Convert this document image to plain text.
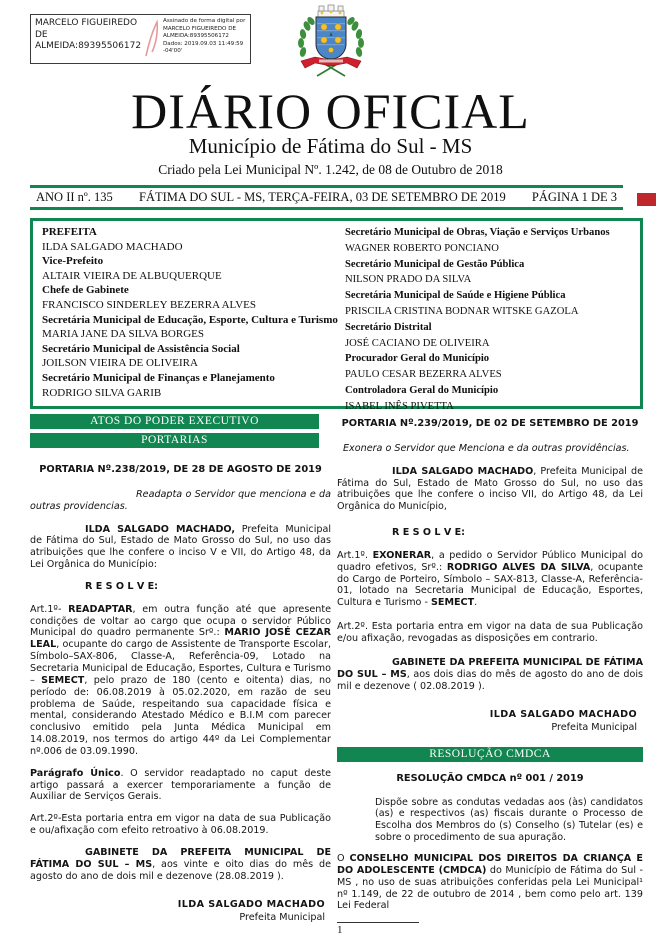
MARCELO FIGUEIREDO DE ALMEIDA:89395506172
Assinado de forma digital por MARCELO FIGUEIREDO DE ALMEIDA:89395506172 Dados: 2019.09.03 11:49:59 -04'00'
DIÁRIO OFICIAL
Município de Fátima do Sul - MS
Criado pela Lei Municipal Nº. 1.242, de 08 de Outubro de 2018
ANO II nº. 135 FÁTIMA DO SUL - MS, TERÇA-FEIRA, 03 DE SETEMBRO DE 2019 PÁGINA 1 DE 3
PREFEITA
ILDA SALGADO MACHADO
Vice-Prefeito
ALTAIR VIEIRA DE ALBUQUERQUE
Chefe de Gabinete
FRANCISCO SINDERLEY BEZERRA ALVES
Secretária Municipal de Educação, Esporte, Cultura e Turismo
MARIA JANE DA SILVA BORGES
Secretário Municipal de Assistência Social
JOILSON VIEIRA DE OLIVEIRA
Secretário Municipal de Finanças e Planejamento
RODRIGO SILVA GARIB
Secretário Municipal de Obras, Viação e Serviços Urbanos
WAGNER ROBERTO PONCIANO
Secretário Municipal de Gestão Pública
NILSON PRADO DA SILVA
Secretária Municipal de Saúde e Higiene Pública
PRISCILA CRISTINA BODNAR WITSKE GAZOLA
Secretário Distrital
JOSÉ CACIANO DE OLIVEIRA
Procurador Geral do Município
PAULO CESAR BEZERRA ALVES
Controladora Geral do Município
ISABEL INÊS PIVETTA
ATOS DO PODER EXECUTIVO
PORTARIAS
PORTARIA Nº.238/2019, DE 28 DE AGOSTO DE 2019
Readapta o Servidor que menciona e da outras providencias.

ILDA SALGADO MACHADO, Prefeita Municipal de Fátima do Sul, Estado de Mato Grosso do Sul, no uso das atribuições que lhe confere o inciso V e VII, do Artigo 48, da Lei Orgânica do Município:

R E S O L V E:

Art.1º- READAPTAR, em outra função até que apresente condições de voltar ao cargo que ocupa o servidor Público Municipal do quadro permanente Srº.: MARIO JOSÉ CEZAR LEAL, ocupante do cargo de Assistente de Transporte Escolar, Símbolo–SAX-806, Classe-A, Referência-09, Lotado na Secretaria Municipal de Educação, Esportes, Cultura e Turismo – SEMECT, pelo prazo de 180 (cento e oitenta) dias, no período de: 06.08.2019 à 05.02.2020, em razão de seu problema de Saúde, respeitando sua capacidade física e mental, considerando Atestado Médico e B.I.M com parecer conclusivo emitido pela Junta Médica Municipal em 14.08.2019, nos termos do artigo 44º da Lei Complementar nº.006 de 03.09.1990.

Parágrafo Único. O servidor readaptado no caput deste artigo passará a exercer temporariamente a função de Auxiliar de Serviços Gerais.

Art.2º-Esta portaria entra em vigor na data de sua Publicação e ou/afixação com efeito retroativo à 06.08.2019.

GABINETE DA PREFEITA MUNICIPAL DE FÁTIMA DO SUL – MS, aos vinte e oito dias do mês de agosto do ano de dois mil e dezenove (28.08.2019 ).

ILDA SALGADO MACHADO
Prefeita Municipal
PORTARIA Nº.239/2019, DE 02 DE SETEMBRO DE 2019
Exonera o Servidor que Menciona e da outras providências.

ILDA SALGADO MACHADO, Prefeita Municipal de Fátima do Sul, Estado de Mato Grosso do Sul, no uso das atribuições que lhe confere o inciso VII, do Artigo 48, da Lei Orgânica do Município,

R E S O L V E:

Art.1º. EXONERAR, a pedido o Servidor Público Municipal do quadro efetivos, Srº.: RODRIGO ALVES DA SILVA, ocupante do Cargo de Porteiro, Símbolo – SAX-813, Classe-A, Referência-01, lotado na Secretaria Municipal de Educação, Esportes, Cultura e Turismo - SEMECT.

Art.2º. Esta portaria entra em vigor na data de sua Publicação e/ou afixação, revogadas as disposições em contrario.

GABINETE DA PREFEITA MUNICIPAL DE FÁTIMA DO SUL – MS, aos dois dias do mês de agosto do ano de dois mil e dezenove ( 02.08.2019 ).

ILDA SALGADO MACHADO
Prefeita Municipal
RESOLUÇÃO CMDCA
RESOLUÇÃO CMDCA nº 001 / 2019
Dispõe sobre as condutas vedadas aos (às) candidatos (as) e respectivos (as) fiscais durante o Processo de Escolha dos Membros do (s) Conselho (s) Tutelar (es) e sobre o procedimento de sua apuração.

O CONSELHO MUNICIPAL DOS DIREITOS DA CRIANÇA E DO ADOLESCENTE (CMDCA) do Município de Fátima do Sul - MS , no uso de suas atribuições conferidas pela Lei Municipal¹ nº 1.149, de 22 de outubro de 2014 , bem como pelo art. 139 Lei Federal

1
